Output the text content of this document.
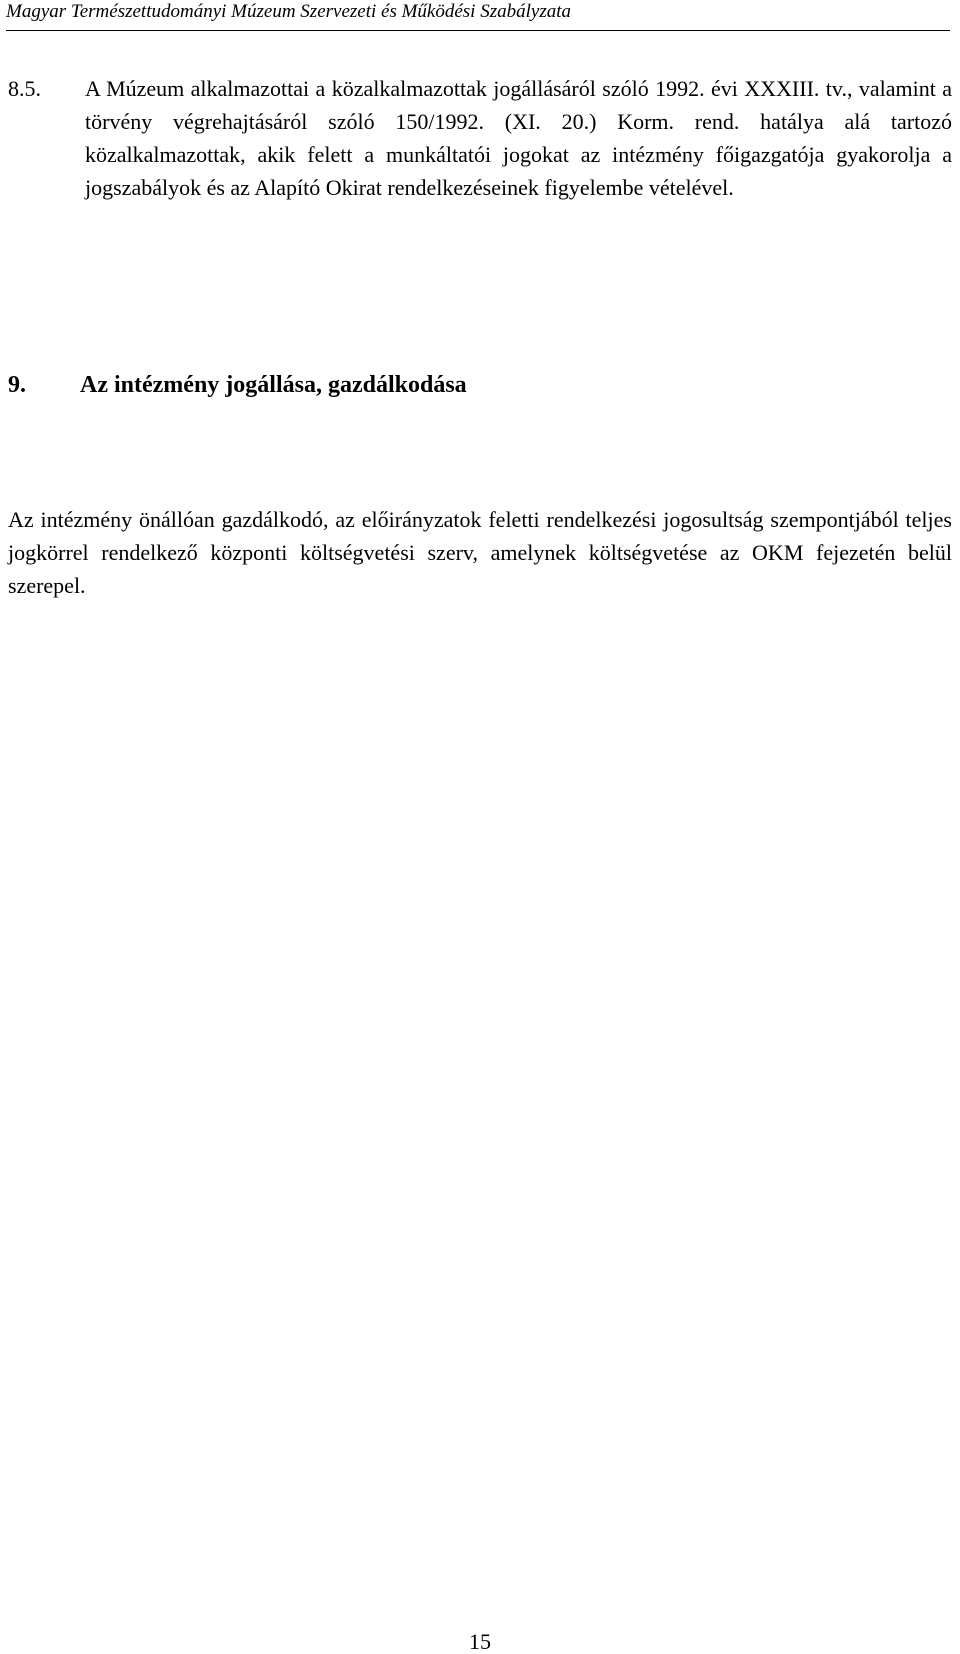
Magyar Természettudományi Múzeum Szervezeti és Működési Szabályzata
8.5. A Múzeum alkalmazottai a közalkalmazottak jogállásáról szóló 1992. évi XXXIII. tv., valamint a törvény végrehajtásáról szóló 150/1992. (XI. 20.) Korm. rend. hatálya alá tartozó közalkalmazottak, akik felett a munkáltatói jogokat az intézmény főigazgatója gyakorolja a jogszabályok és az Alapító Okirat rendelkezéseinek figyelembe vételével.
9. Az intézmény jogállása, gazdálkodása
Az intézmény önállóan gazdálkodó, az előirányzatok feletti rendelkezési jogosultság szempontjából teljes jogkörrel rendelkező központi költségvetési szerv, amelynek költségvetése az OKM fejezetén belül szerepel.
15
